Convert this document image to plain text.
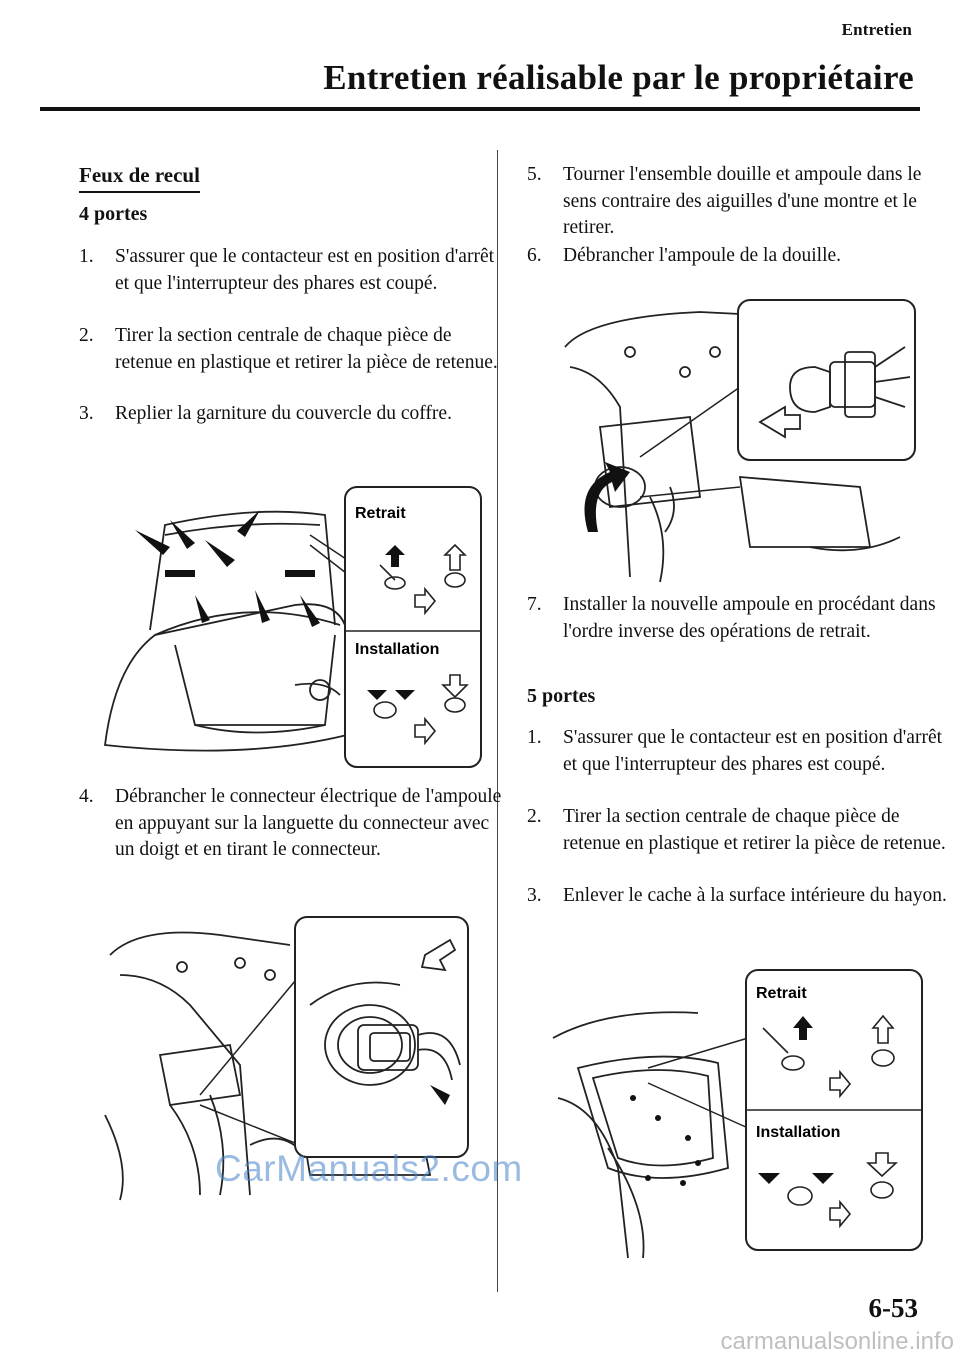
Entretien
Entretien réalisable par le propriétaire
Feux de recul
4 portes
1. S'assurer que le contacteur est en position d'arrêt et que l'interrupteur des phares est coupé.
2. Tirer la section centrale de chaque pièce de retenue en plastique et retirer la pièce de retenue.
3. Replier la garniture du couvercle du coffre.
Retrait
Installation
4. Débrancher le connecteur électrique de l'ampoule en appuyant sur la languette du connecteur avec un doigt et en tirant le connecteur.
5. Tourner l'ensemble douille et ampoule dans le sens contraire des aiguilles d'une montre et le retirer.
6. Débrancher l'ampoule de la douille.
7. Installer la nouvelle ampoule en procédant dans l'ordre inverse des opérations de retrait.
5 portes
1. S'assurer que le contacteur est en position d'arrêt et que l'interrupteur des phares est coupé.
2. Tirer la section centrale de chaque pièce de retenue en plastique et retirer la pièce de retenue.
3. Enlever le cache à la surface intérieure du hayon.
Retrait
Installation
CarManuals2.com
6-53
carmanualsonline.info
